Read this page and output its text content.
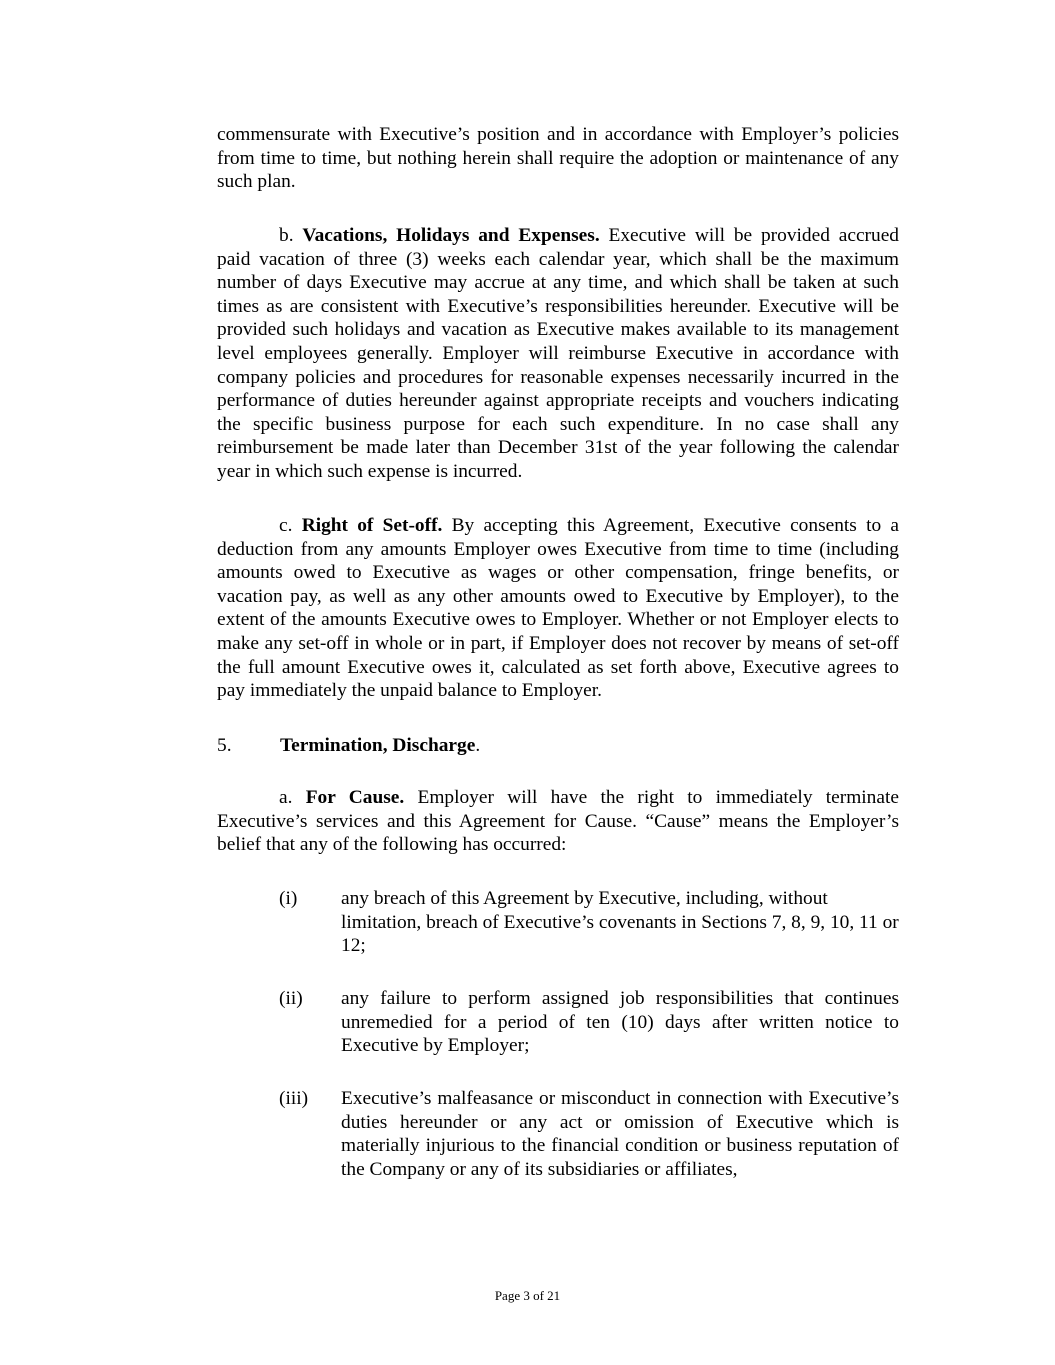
commensurate with Executive’s position and in accordance with Employer’s policies from time to time, but nothing herein shall require the adoption or maintenance of any such plan.

b. Vacations, Holidays and Expenses. Executive will be provided accrued paid vacation of three (3) weeks each calendar year, which shall be the maximum number of days Executive may accrue at any time, and which shall be taken at such times as are consistent with Executive’s responsibilities hereunder. Executive will be provided such holidays and vacation as Executive makes available to its management level employees generally. Employer will reimburse Executive in accordance with company policies and procedures for reasonable expenses necessarily incurred in the performance of duties hereunder against appropriate receipts and vouchers indicating the specific business purpose for each such expenditure. In no case shall any reimbursement be made later than December 31st of the year following the calendar year in which such expense is incurred.

c. Right of Set-off. By accepting this Agreement, Executive consents to a deduction from any amounts Employer owes Executive from time to time (including amounts owed to Executive as wages or other compensation, fringe benefits, or vacation pay, as well as any other amounts owed to Executive by Employer), to the extent of the amounts Executive owes to Employer. Whether or not Employer elects to make any set-off in whole or in part, if Employer does not recover by means of set-off the full amount Executive owes it, calculated as set forth above, Executive agrees to pay immediately the unpaid balance to Employer.

5. Termination, Discharge.

a. For Cause. Employer will have the right to immediately terminate Executive’s services and this Agreement for Cause. “Cause” means the Employer’s belief that any of the following has occurred:

(i)	any breach of this Agreement by Executive, including, without limitation, breach of Executive’s covenants in Sections 7, 8, 9, 10, 11 or 12;
(ii)	any failure to perform assigned job responsibilities that continues unremedied for a period of ten (10) days after written notice to Executive by Employer;
(iii)	Executive’s malfeasance or misconduct in connection with Executive’s duties hereunder or any act or omission of Executive which is materially injurious to the financial condition or business reputation of the Company or any of its subsidiaries or affiliates,
Page 3 of 21
